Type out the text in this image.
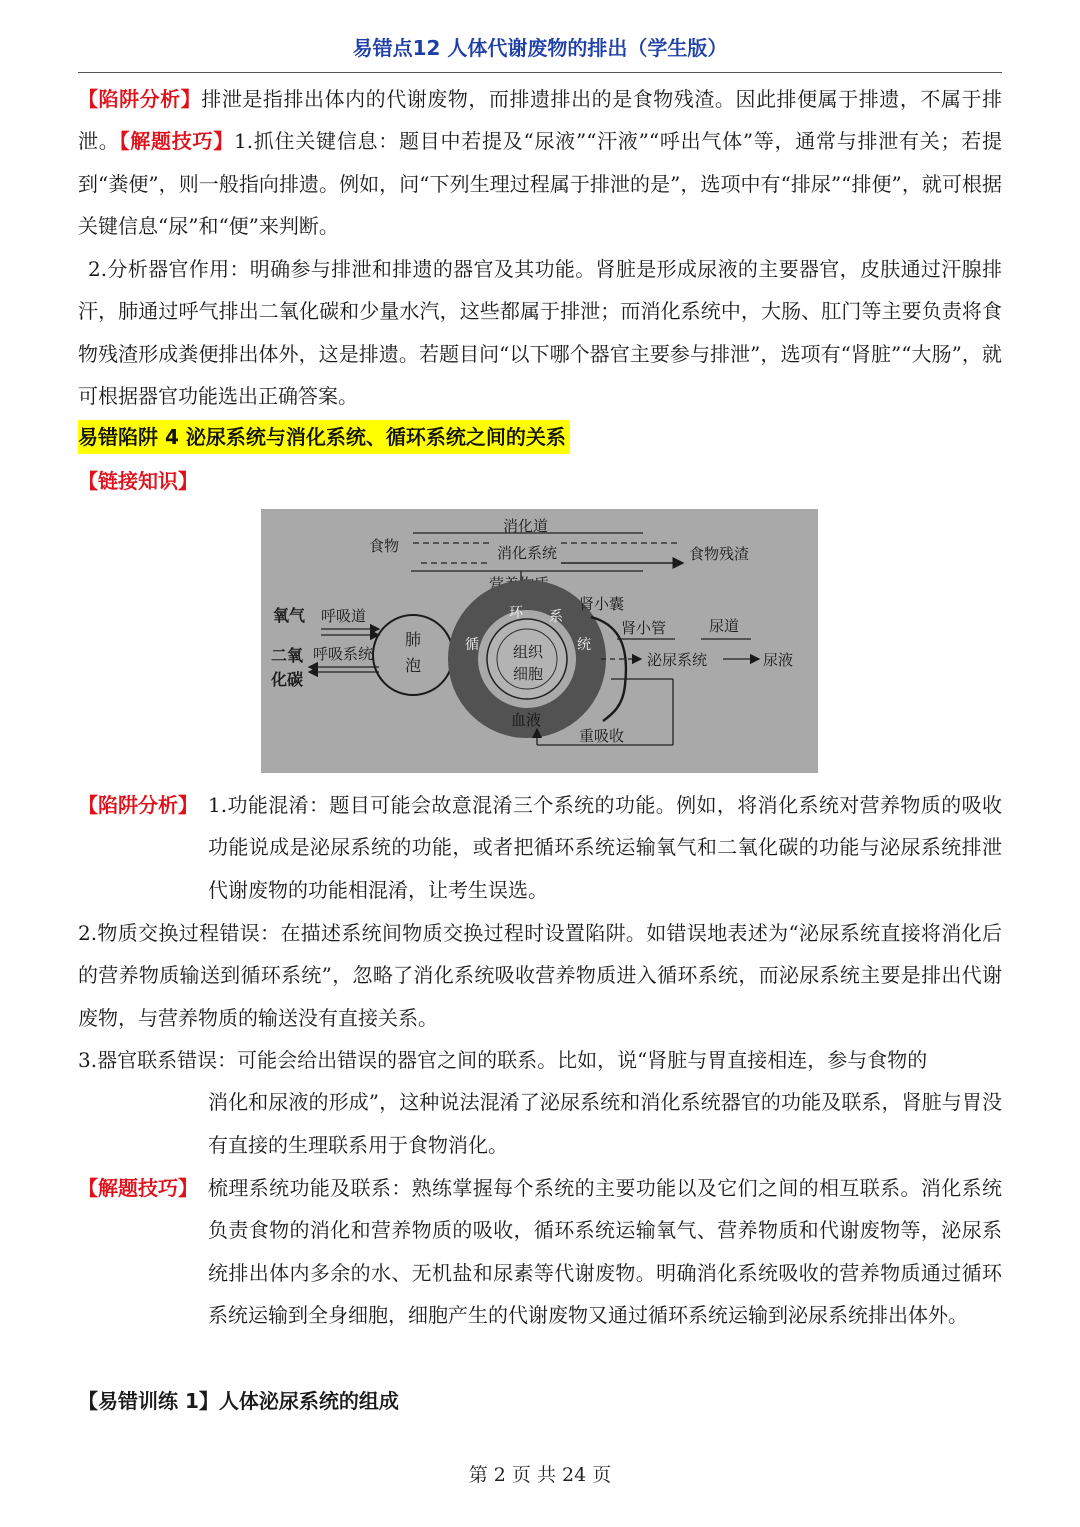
易错点12 人体代谢废物的排出（学生版）

【陷阱分析】排泄是指排出体内的代谢废物，而排遗排出的是食物残渣。因此排便属于排遗，不属于排泄。【解题技巧】1.抓住关键信息：题目中若提及“尿液”“汗液”“呼出气体”等，通常与排泄有关；若提到“粪便”，则一般指向排遗。例如，问“下列生理过程属于排泄的是”，选项中有“排尿”“排便”，就可根据关键信息“尿”和“便”来判断。

2.分析器官作用：明确参与排泄和排遗的器官及其功能。肾脏是形成尿液的主要器官，皮肤通过汗腺排汗，肺通过呼气排出二氧化碳和少量水汽，这些都属于排泄；而消化系统中，大肠、肛门等主要负责将食物残渣形成粪便排出体外，这是排遗。若题目问“以下哪个器官主要参与排泄”，选项有“肾脏”“大肠”，就可根据器官功能选出正确答案。

易错陷阱 4 泌尿系统与消化系统、循环系统之间的关系
【链接知识】
消化道
食物	消化系统	食物残渣
营养物质
氧气 呼吸道
二氧
化碳
呼吸系统
肺
泡
环 系
循	统
组织
细胞
血液
肾小囊
肾小管	尿道
泌尿系统	尿液
重吸收
【陷阱分析】 1.功能混淆：题目可能会故意混淆三个系统的功能。例如，将消化系统对营养物质的吸收功能说成是泌尿系统的功能，或者把循环系统运输氧气和二氧化碳的功能与泌尿系统排泄代谢废物的功能相混淆，让考生误选。

2.物质交换过程错误：在描述系统间物质交换过程时设置陷阱。如错误地表述为“泌尿系统直接将消化后的营养物质输送到循环系统”，忽略了消化系统吸收营养物质进入循环系统，而泌尿系统主要是排出代谢废物，与营养物质的输送没有直接关系。

3.器官联系错误：可能会给出错误的器官之间的联系。比如，说“肾脏与胃直接相连，参与食物的
消化和尿液的形成”，这种说法混淆了泌尿系统和消化系统器官的功能及联系，肾脏与胃没有直接的生理联系用于食物消化。
【解题技巧】 梳理系统功能及联系：熟练掌握每个系统的主要功能以及它们之间的相互联系。消化系统负责食物的消化和营养物质的吸收，循环系统运输氧气、营养物质和代谢废物等，泌尿系统排出体内多余的水、无机盐和尿素等代谢废物。明确消化系统吸收的营养物质通过循环系统运输到全身细胞，细胞产生的代谢废物又通过循环系统运输到泌尿系统排出体外。
【易错训练 1】人体泌尿系统的组成
第 2 页 共 24 页
